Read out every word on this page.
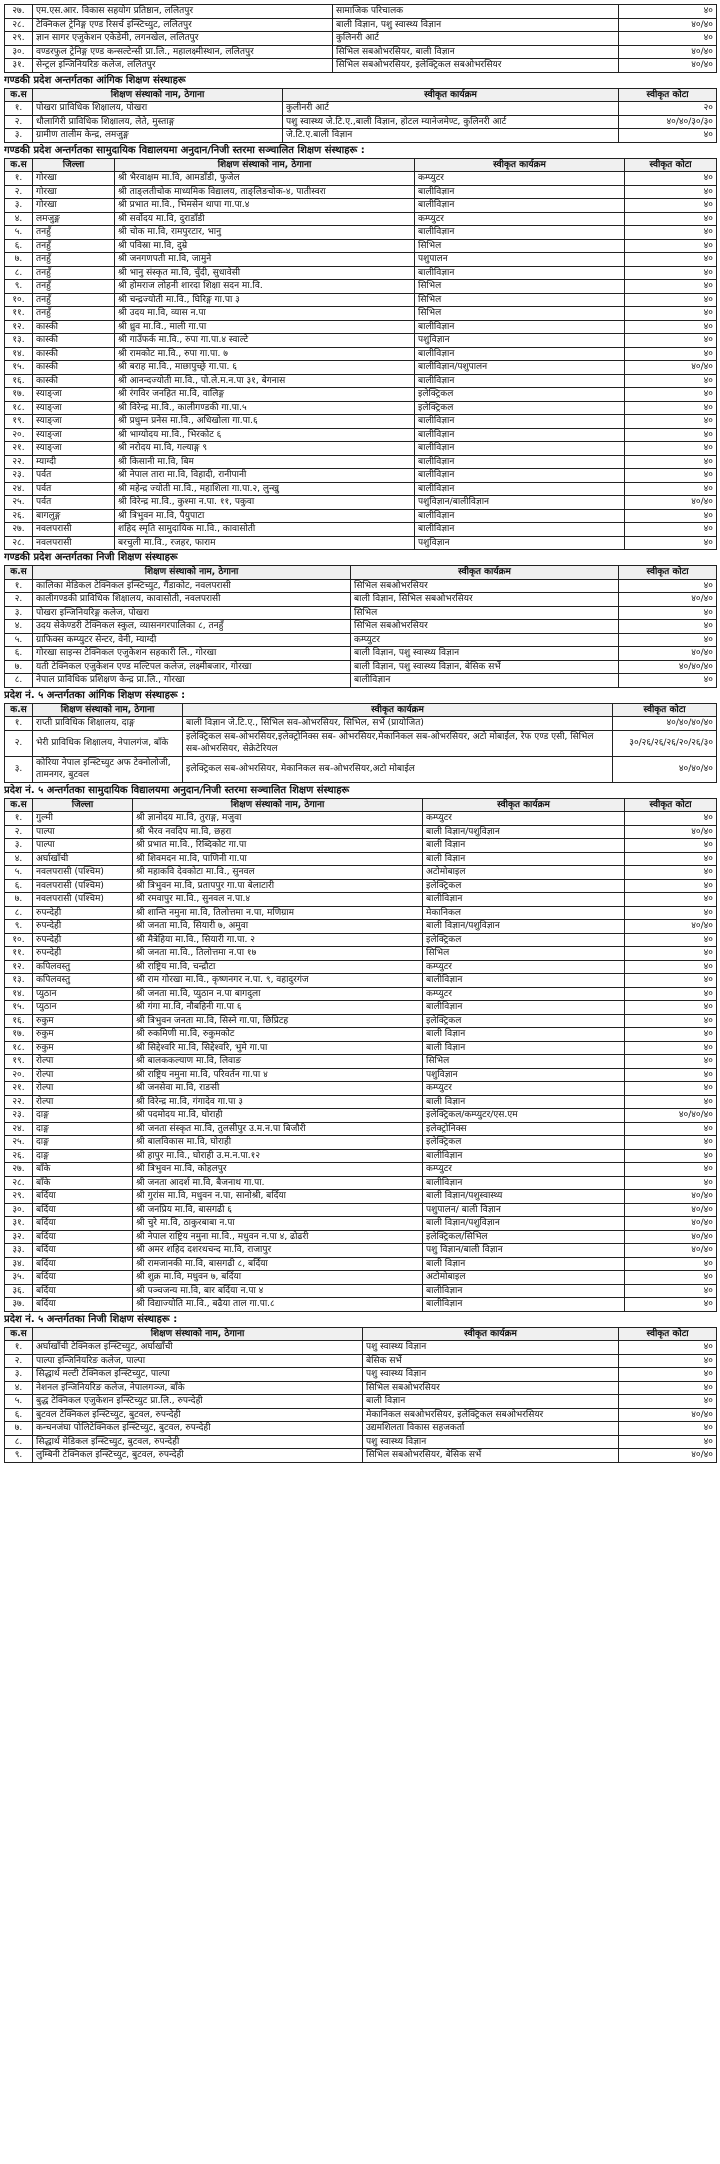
२७.	एम.एस.आर. विकास सहयोग प्रतिष्ठान, ललितपुर	सामाजिक परिचालक	४०
२८.	टेक्निकल ट्रेनिङ्ग एण्ड रिसर्च इन्स्टिच्युट, ललितपुर	बाली विज्ञान, पशु स्वास्थ्य विज्ञान	४०/४०
२९.	ज्ञान सागर एजुकेशन एकेडेमी, लगनखेल, ललितपुर	कुलिनरी आर्ट	४०
३०.	वण्डरफुल ट्रेनिङ्ग एण्ड कन्सल्टेन्सी प्रा.लि., महालक्ष्मीस्थान, ललितपुर	सिभिल सबओभरसियर, बाली विज्ञान	४०/४०
३१.	सेन्ट्रल इन्जिनियरिङ कलेज, ललितपुर	सिभिल सबओभरसियर, इलेक्ट्रिकल सबओभरसियर	४०/४०
गण्डकी प्रदेश अन्तर्गतका आंगिक शिक्षण संस्थाहरू
क.स	शिक्षण संस्थाको नाम, ठेगाना	स्वीकृत कार्यक्रम	स्वीकृत कोटा
१.	पोखरा प्राविधिक शिक्षालय, पोखरा	कुलीनरी आर्ट	२०
२.	धौलागिरी प्राविधिक शिक्षालय, लेते, मुस्ताङ्ग	पशु स्वास्थ्य जे.टि.ए.,बाली विज्ञान, होटल म्यानेजमेण्ट, कुलिनरी आर्ट	४०/४०/३०/३०
३.	ग्रामीण तालीम केन्द्र, लमजुङ्ग	जे.टि.ए.बाली विज्ञान	४०
गण्डकी प्रदेश अन्तर्गतका सामुदायिक विद्यालयमा अनुदान/निजी स्तरमा सञ्चालित शिक्षण संस्थाहरू :
क.स	जिल्ला	शिक्षण संस्थाको नाम, ठेगाना	स्वीकृत कार्यक्रम	स्वीकृत कोटा
१.	गोरखा	श्री भैरवाक्षम मा.वि, आमडाँडी, फुजेल	कम्प्युटर	४०
२.	गोरखा	श्री ताङ्लतीचोक माध्यमिक विद्यालय, ताङ्लिङचोक-४, पातीस्वरा	बालीविज्ञान	४०
३.	गोरखा	श्री प्रभात मा.वि., भिमसेन थापा गा.पा.४	बालीविज्ञान	४०
४.	लमजुङ्ग	श्री सर्वोदय मा.वि, दुराडाँडी	कम्प्युटर	४०
५.	तनहुँ	श्री चोक मा.वि, रामपुरटार, भानु	बालीविज्ञान	४०
६.	तनहुँ	श्री पविस्रा मा.वि, दुम्रे	सिभिल	४०
७.	तनहुँ	श्री जनगणपती मा.वि, जामुने	पशुपालन	४०
८.	तनहुँ	श्री भानु संस्कृत मा.वि, चुँदी, सुधावेसी	बालीविज्ञान	४०
९.	तनहुँ	श्री होमराज लोहनी शारदा शिक्षा सदन मा.वि.	सिभिल	४०
१०.	तनहुँ	श्री चन्द्रज्योती मा.वि., घिरिङ्ग गा.पा ३	सिभिल	४०
११.	तनहुँ	श्री उदय मा.वि, व्यास न.पा	सिभिल	४०
१२.	कास्की	श्री ध्रुव मा.वि., माली गा.पा	बालीविज्ञान	४०
१३.	कास्की	श्री गाउँफर्क मा.वि., रुपा गा.पा.४ स्वाल्टे	पशुविज्ञान	४०
१४.	कास्की	श्री रामकोट मा.वि., रुपा गा.पा. ७	बालीविज्ञान	४०
१५.	कास्की	श्री बराह मा.वि., माछापुच्छ्रे गा.पा. ६	बालीविज्ञान/पशुपालन	४०/४०
१६.	कास्की	श्री आनन्दज्योती मा.वि., पो.ले.म.न.पा ३१, बेगनास	बालीविज्ञान	४०
१७.	स्याङ्जा	श्री रंगविर जनहित मा.वि, वालिङ्ग	इलेक्ट्रिकल	४०
१८.	स्याङ्जा	श्री विरेन्द्र मा.वि., कालीगण्डकी गा.पा.५	इलेक्ट्रिकल	४०
१९.	स्याङ्जा	श्री प्रधुम्न प्रनेस मा.वि., अधिखोला गा.पा.६	बालीविज्ञान	४०
२०.	स्याङ्जा	श्री भाग्योदय मा.वि., भिरकोट ६	बालीविज्ञान	४०
२१.	स्याङ्जा	श्री नरोदय मा.वि, गल्याङ्ग ९	बालीविज्ञान	४०
२२.	म्याग्दी	श्री किसानी मा.वि, बिम	बालीविज्ञान	४०
२३.	पर्वत	श्री नेपाल तारा मा.वि, विहादी, रानीपानी	बालीविज्ञान	४०
२४.	पर्वत	श्री महेन्द्र ज्योती मा.वि., महाशिला गा.पा.२, लुन्खु	बालीविज्ञान	४०
२५.	पर्वत	श्री विरेन्द्र मा.वि., कुश्मा न.पा. ११, पकुवा	पशुविज्ञान/बालीविज्ञान	४०/४०
२६.	बागलुङ्ग	श्री त्रिभुवन मा.वि, पैयुपाटा	बालीविज्ञान	४०
२७.	नवलपरासी	शहिद स्मृति सामुदायिक मा.वि., कावासोती	बालीविज्ञान	४०
२८.	नवलपरासी	बरचुली मा.वि., रजहर, फाराम	पशुविज्ञान	४०
गण्डकी प्रदेश अन्तर्गतका निजी शिक्षण संस्थाहरू
क.स	शिक्षण संस्थाको नाम, ठेगाना	स्वीकृत कार्यक्रम	स्वीकृत कोटा
१.	कालिका मेडिकल टेक्निकल इन्स्टिच्युट, गैंडाकोट, नवलपरासी	सिभिल सबओभरसियर	४०
२.	कालीगण्डकी प्राविधिक शिक्षालय, कावासोती, नवलपरासी	बाली विज्ञान, सिभिल सबओभरसियर	४०/४०
३.	पोखरा इन्जिनियरिङ्ग कलेज, पोखरा	सिभिल	४०
४.	उदय सेकेण्डरी टेक्निकल स्कुल, व्यासनगरपालिका ८, तनहुँ	सिभिल सबओभरसियर	४०
५.	ग्राफिक्स कम्प्युटर सेन्टर, वेनी, म्याग्दी	कम्प्युटर	४०
६.	गोरखा साइन्स टेक्निकल एजुकेशन सहकारी लि., गोरखा	बाली विज्ञान, पशु स्वास्थ्य विज्ञान	४०/४०
७.	यती टेक्निकल एजुकेशन एण्ड मल्टिपल कलेज, लक्ष्मीबजार, गोरखा	बाली विज्ञान, पशु स्वास्थ्य विज्ञान, बेसिक सर्भे	४०/४०/४०
८.	नेपाल प्राविधिक प्रशिक्षण केन्द्र प्रा.लि., गोरखा	बालीविज्ञान	४०
प्रदेश नं. ५ अन्तर्गतका आंगिक शिक्षण संस्थाहरू :
क.स	शिक्षण संस्थाको नाम, ठेगाना	स्वीकृत कार्यक्रम	स्वीकृत कोटा
१.	राप्ती प्राविधिक शिक्षालय, दाङ्ग	बाली विज्ञान जे.टि.ए., सिभिल सव-ओभरसियर, सिभिल, सर्भे (प्रायोजित)	४०/४०/४०/४०
२.	भेरी प्राविधिक शिक्षालय, नेपालगंज, बाँके	इलेक्ट्रिकल सब-ओभरसियर,इलेक्ट्रोनिक्स सब- ओभरसियर,मेकानिकल सब-ओभरसियर, अटो मोबाईल, रेफ एण्ड एसी, सिभिल सब-ओभरसियर, सेक्रेटेरियल	३०/२६/२६/२६/२०/२६/३०
३.	कोरिया नेपाल इन्स्टिच्युट अफ टेक्नोलोजी, तामनगर, बुटवल	इलेक्ट्रिकल सब-ओभरसियर, मेकानिकल सब-ओभरसियर,अटो मोबाईल	४०/४०/४०
प्रदेश नं. ५ अन्तर्गतका सामुदायिक विद्यालयमा अनुदान/निजी स्तरमा सञ्चालित शिक्षण संस्थाहरू
क.स	जिल्ला	शिक्षण संस्थाको नाम, ठेगाना	स्वीकृत कार्यक्रम	स्वीकृत कोटा
१.	गुल्मी	श्री ज्ञानोदय मा.वि, तुराङ्ग, मजुवा	कम्प्युटर	४०
२.	पाल्पा	श्री भैरव नवदिप मा.वि, छहरा	बाली विज्ञान/पशुविज्ञान	४०/४०
३.	पाल्पा	श्री प्रभात मा.वि., रिब्दिकोट गा.पा	बाली विज्ञान	४०
४.	अर्घाखाँची	श्री शिवमदन मा.वि, पाणिनी गा.पा	बाली विज्ञान	४०
५.	नवलपरासी (पश्चिम)	श्री महाकवि देवकोटा मा.वि., सुनवल	अटोमोबाइल	४०
६.	नवलपरासी (पश्चिम)	श्री त्रिभुवन मा.वि, प्रतापपुर गा.पा बेलाटारी	इलेक्ट्रिकल	४०
७.	नवलपरासी (पश्चिम)	श्री रमवापुर मा.वि., सुनवल न.पा.४	बालीविज्ञान	४०
८.	रुपन्देही	श्री शान्ति नमुना मा.वि, तिलोत्तमा न.पा, मणिग्राम	मेकानिकल	४०
९.	रुपन्देही	श्री जनता मा.वि, सियारी ७, अमुवा	बाली विज्ञान/पशुविज्ञान	४०/४०
१०.	रुपन्देही	श्री मैत्रेहिया मा.वि., सियारी गा.पा. २	इलेक्ट्रिकल	४०
११.	रुपन्देही	श्री जनता मा.वि., तिलोत्तमा न.पा १७	सिभिल	४०
१२.	कपिलवस्तु	श्री राष्ट्रिय मा.वि, चन्द्रौटा	कम्प्युटर	४०
१३.	कपिलवस्तु	श्री राम गोरखा मा.वि., कृष्णनगर न.पा. ९, वहादुरगंज	बालीविज्ञान	४०
१४.	प्युठान	श्री जनता मा.वि, प्युठान न.पा बागदुला	कम्प्युटर	४०
१५.	प्युठान	श्री गंगा मा.वि, नौबहिनी गा.पा ६	बालीविज्ञान	४०
१६.	रुकुम	श्री त्रिभुवन जनता मा.वि, सिस्ने गा.पा, छिप्रिटह	इलेक्ट्रिकल	४०
१७.	रुकुम	श्री रुकमिणी मा.वि, रुकुमकोट	बाली विज्ञान	४०
१८.	रुकुम	श्री सिद्देश्वरि मा.वि, सिद्देश्वरि, भुमे गा.पा	बाली विज्ञान	४०
१९.	रोल्पा	श्री बालककल्याण मा.वि, लिवाङ	सिभिल	४०
२०.	रोल्पा	श्री राष्ट्रिय नमुना मा.वि, परिवर्तन गा.पा ४	पशुविज्ञान	४०
२१.	रोल्पा	श्री जनसेवा मा.वि, राङसी	कम्प्युटर	४०
२२.	रोल्पा	श्री विरेन्द्र मा.वि, गंगादेव गा.पा ३	बाली विज्ञान	४०
२३.	दाङ्ग	श्री पदमोदय मा.वि, घोराही	इलेक्ट्रिकल/कम्प्युटर/एस.एम	४०/४०/४०
२४.	दाङ्ग	श्री जनता संस्कृत मा.वि, तुलसीपुर उ.म.न.पा बिजौरी	इलेक्ट्रोनिक्स	४०
२५.	दाङ्ग	श्री बालविकास मा.वि, घोराही	इलेक्ट्रिकल	४०
२६.	दाङ्ग	श्री हापुर मा.वि., घोराही उ.म.न.पा.१२	बालीविज्ञान	४०
२७.	बाँके	श्री त्रिभुवन मा.वि, कोहलपुर	कम्प्युटर	४०
२८.	बाँके	श्री जनता आदर्श मा.वि, बैजनाथ गा.पा.	बालीविज्ञान	४०
२९.	बर्दिया	श्री गुरांस मा.वि, मधुवन न.पा, सानोश्री, बर्दिया	बाली विज्ञान/पशुस्वास्थ्य	४०/४०
३०.	बर्दिया	श्री जनप्रिय मा.वि, बासगढी ६	पशुपालन/ बाली विज्ञान	४०/४०
३१.	बर्दिया	श्री चुरे मा.वि, ठाकुरबाबा न.पा	बाली विज्ञान/पशुविज्ञान	४०/४०
३२.	बर्दिया	श्री नेपाल राष्ट्रिय नमुना मा.वि., मधुवन न.पा ४, ढोढरी	इलेक्ट्रिकल/सिभिल	४०/४०
३३.	बर्दिया	श्री अमर शहिद दशरथचन्द मा.वि, राजापुर	पशु विज्ञान/बाली विज्ञान	४०/४०
३४.	बर्दिया	श्री रामजानकी मा.वि, बासगढी ८, बर्दिया	बाली विज्ञान	४०
३५.	बर्दिया	श्री शुक्र मा.वि, मधुवन ७, बर्दिया	अटोमोबाइल	४०
३६.	बर्दिया	श्री पञ्चजन्य मा.वि, बार बर्दिया न.पा ४	बालीविज्ञान	४०
३७.	बर्दिया	श्री विद्याज्योति मा.वि., बढैया ताल गा.पा.८	बालीविज्ञान	४०
प्रदेश नं. ५ अन्तर्गतका निजी शिक्षण संस्थाहरू :
क.स	शिक्षण संस्थाको नाम, ठेगाना	स्वीकृत कार्यक्रम	स्वीकृत कोटा
१.	अर्घाखाँची टेक्निकल इन्स्टिच्युट, अर्घाखाँची	पशु स्वास्थ्य विज्ञान	४०
२.	पाल्पा इन्जिनियरिङ कलेज, पाल्पा	बेसिक सर्भे	४०
३.	सिद्धार्थ मल्टी टेक्निकल इन्स्टिच्युट, पाल्पा	पशु स्वास्थ्य विज्ञान	४०
४.	नेशनल इन्जिनियरिङ कलेज, नेपालगञ्ज, बाँके	सिभिल सबओभरसियर	४०
५.	बुद्ध टेक्निकल एजुकेशन इन्स्टिच्युट प्रा.लि., रुपन्देही	बाली विज्ञान	४०
६.	बुटवल टेक्निकल इन्स्टिच्युट, बुटवल, रुपन्देही	मेकानिकल सबओभरसियर, इलेक्ट्रिकल सबओभरसियर	४०/४०
७.	कन्चनजंघा पोलिटेक्निकल इन्स्टिच्युट, बुटवल, रुपन्देही	उद्यमशिलता विकास सहजकर्ता	४०
८.	सिद्धार्थ मेडिकल इन्स्टिच्युट, बुटवल, रुपन्देही	पशु स्वास्थ्य विज्ञान	४०
९.	लुम्बिनी टेक्निकल इन्स्टिच्युट, बुटवल, रुपन्देही	सिभिल सबओभरसियर, बेसिक सर्भे	४०/४०
